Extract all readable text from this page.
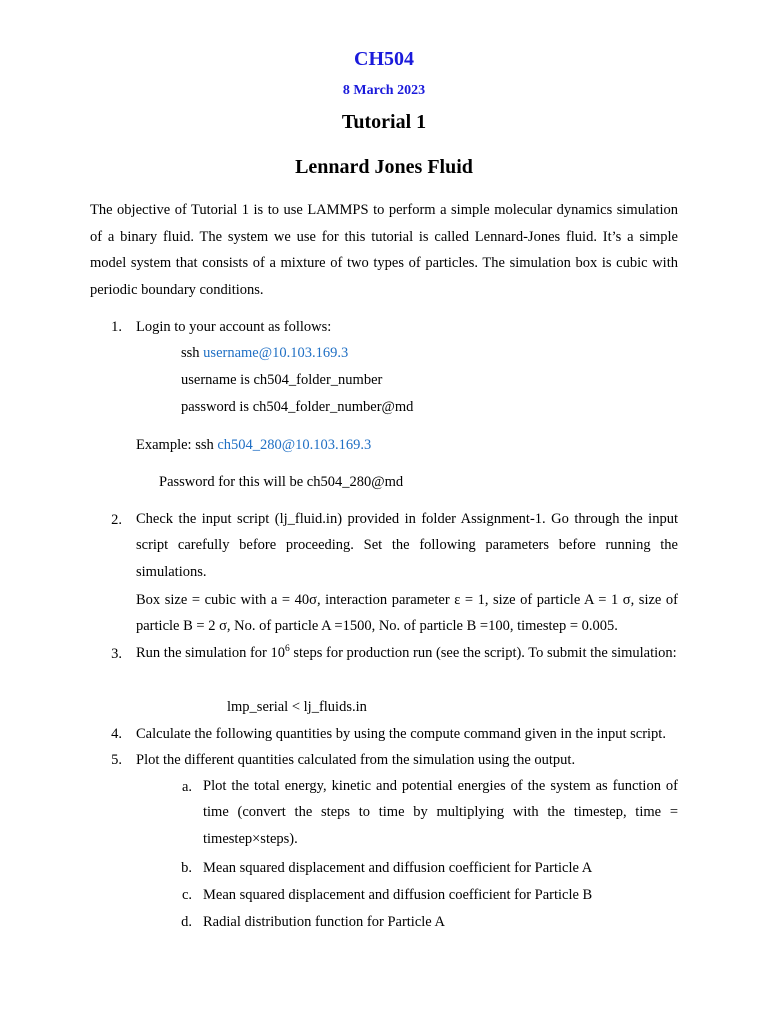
CH504
8 March 2023
Tutorial 1
Lennard Jones Fluid
The objective of Tutorial 1 is to use LAMMPS to perform a simple molecular dynamics simulation of a binary fluid. The system we use for this tutorial is called Lennard-Jones fluid. It’s a simple model system that consists of a mixture of two types of particles. The simulation box is cubic with periodic boundary conditions.
1. Login to your account as follows:
ssh username@10.103.169.3
username is ch504_folder_number
password is ch504_folder_number@md
Example: ssh ch504_280@10.103.169.3
Password for this will be ch504_280@md
2. Check the input script (lj_fluid.in) provided in folder Assignment-1. Go through the input script carefully before proceeding. Set the following parameters before running the simulations.
Box size = cubic with a = 40σ, interaction parameter ε = 1, size of particle A = 1 σ, size of particle B = 2 σ, No. of particle A =1500, No. of particle B =100, timestep = 0.005.
3. Run the simulation for $10^6$ steps for production run (see the script). To submit the simulation:
lmp_serial < lj_fluids.in
4. Calculate the following quantities by using the compute command given in the input script.
5. Plot the different quantities calculated from the simulation using the output.
a. Plot the total energy, kinetic and potential energies of the system as function of time (convert the steps to time by multiplying with the timestep, time = timestep×steps).
b. Mean squared displacement and diffusion coefficient for Particle A
c. Mean squared displacement and diffusion coefficient for Particle B
d. Radial distribution function for Particle A
